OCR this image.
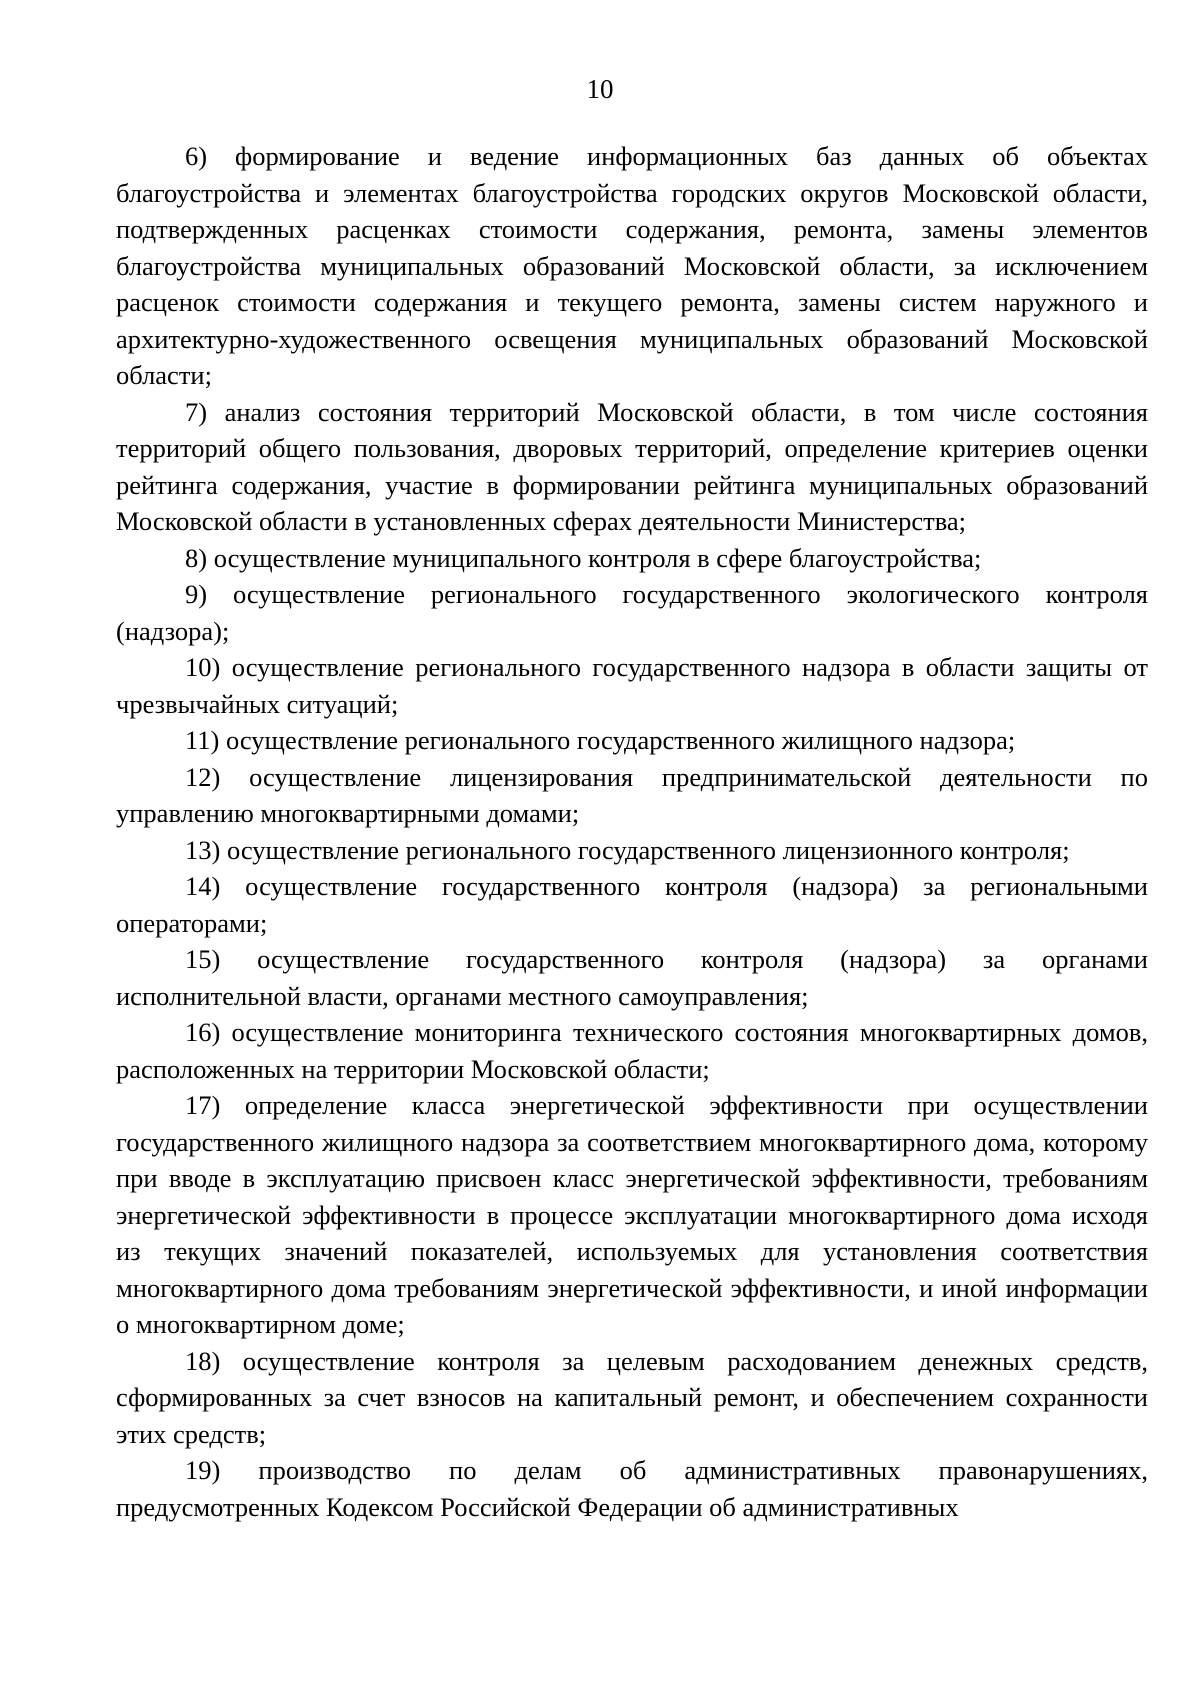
10

6) формирование и ведение информационных баз данных об объектах благоустройства и элементах благоустройства городских округов Московской области, подтвержденных расценках стоимости содержания, ремонта, замены элементов благоустройства муниципальных образований Московской области, за исключением расценок стоимости содержания и текущего ремонта, замены систем наружного и архитектурно-художественного освещения муниципальных образований Московской области;

7) анализ состояния территорий Московской области, в том числе состояния территорий общего пользования, дворовых территорий, определение критериев оценки рейтинга содержания, участие в формировании рейтинга муниципальных образований Московской области в установленных сферах деятельности Министерства;

8) осуществление муниципального контроля в сфере благоустройства;

9) осуществление регионального государственного экологического контроля (надзора);

10) осуществление регионального государственного надзора в области защиты от чрезвычайных ситуаций;

11) осуществление регионального государственного жилищного надзора;

12) осуществление лицензирования предпринимательской деятельности по управлению многоквартирными домами;

13) осуществление регионального государственного лицензионного контроля;

14) осуществление государственного контроля (надзора) за региональными операторами;

15) осуществление государственного контроля (надзора) за органами исполнительной власти, органами местного самоуправления;

16) осуществление мониторинга технического состояния многоквартирных домов, расположенных на территории Московской области;

17) определение класса энергетической эффективности при осуществлении государственного жилищного надзора за соответствием многоквартирного дома, которому при вводе в эксплуатацию присвоен класс энергетической эффективности, требованиям энергетической эффективности в процессе эксплуатации многоквартирного дома исходя из текущих значений показателей, используемых для установления соответствия многоквартирного дома требованиям энергетической эффективности, и иной информации о многоквартирном доме;

18) осуществление контроля за целевым расходованием денежных средств, сформированных за счет взносов на капитальный ремонт, и обеспечением сохранности этих средств;

19) производство по делам об административных правонарушениях, предусмотренных Кодексом Российской Федерации об административных
